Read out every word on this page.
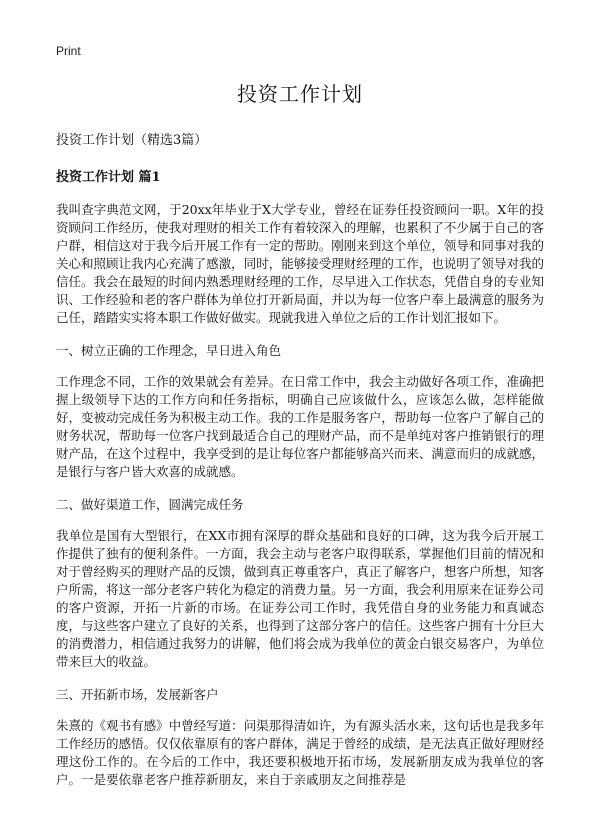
Print
投资工作计划
投资工作计划（精选3篇）
投资工作计划 篇1

我叫查字典范文网，于20xx年毕业于X大学专业，曾经在证券任投资顾问一职。X年的投资顾问工作经历，使我对理财的相关工作有着较深入的理解，也累积了不少属于自己的客户群，相信这对于我今后开展工作有一定的帮助。刚刚来到这个单位，领导和同事对我的关心和照顾让我内心充满了感激，同时，能够接受理财经理的工作，也说明了领导对我的信任。我会在最短的时间内熟悉理财经理的工作，尽早进入工作状态，凭借自身的专业知识、工作经验和老的客户群体为单位打开新局面，并以为每一位客户奉上最满意的服务为己任，踏踏实实将本职工作做好做实。现就我进入单位之后的工作计划汇报如下。

一、树立正确的工作理念，早日进入角色

工作理念不同，工作的效果就会有差异。在日常工作中，我会主动做好各项工作，准确把握上级领导下达的工作方向和任务指标，明确自己应该做什么，应该怎么做，怎样能做好，变被动完成任务为积极主动工作。我的工作是服务客户，帮助每一位客户了解自己的财务状况，帮助每一位客户找到最适合自己的理财产品，而不是单纯对客户推销银行的理财产品，在这个过程中，我享受到的是让每位客户都能够高兴而来、满意而归的成就感，是银行与客户皆大欢喜的成就感。

二、做好渠道工作，圆满完成任务

我单位是国有大型银行，在XX市拥有深厚的群众基础和良好的口碑，这为我今后开展工作提供了独有的便利条件。一方面，我会主动与老客户取得联系，掌握他们目前的情况和对于曾经购买的理财产品的反馈，做到真正尊重客户，真正了解客户，想客户所想，知客户所需，将这一部分老客户转化为稳定的消费力量。另一方面，我会利用原来在证券公司的客户资源，开拓一片新的市场。在证券公司工作时，我凭借自身的业务能力和真诚态度，与这些客户建立了良好的关系，也得到了这部分客户的信任。这些客户拥有十分巨大的消费潜力，相信通过我努力的讲解，他们将会成为我单位的黄金白银交易客户，为单位带来巨大的收益。

三、开拓新市场，发展新客户

朱熹的《观书有感》中曾经写道：问渠那得清如许，为有源头活水来，这句话也是我多年工作经历的感悟。仅仅依靠原有的客户群体，满足于曾经的成绩，是无法真正做好理财经理这份工作的。在今后的工作中，我还要积极地开拓市场，发展新朋友成为我单位的客户。一是要依靠老客户推荐新朋友，来自于亲戚朋友之间推荐是
